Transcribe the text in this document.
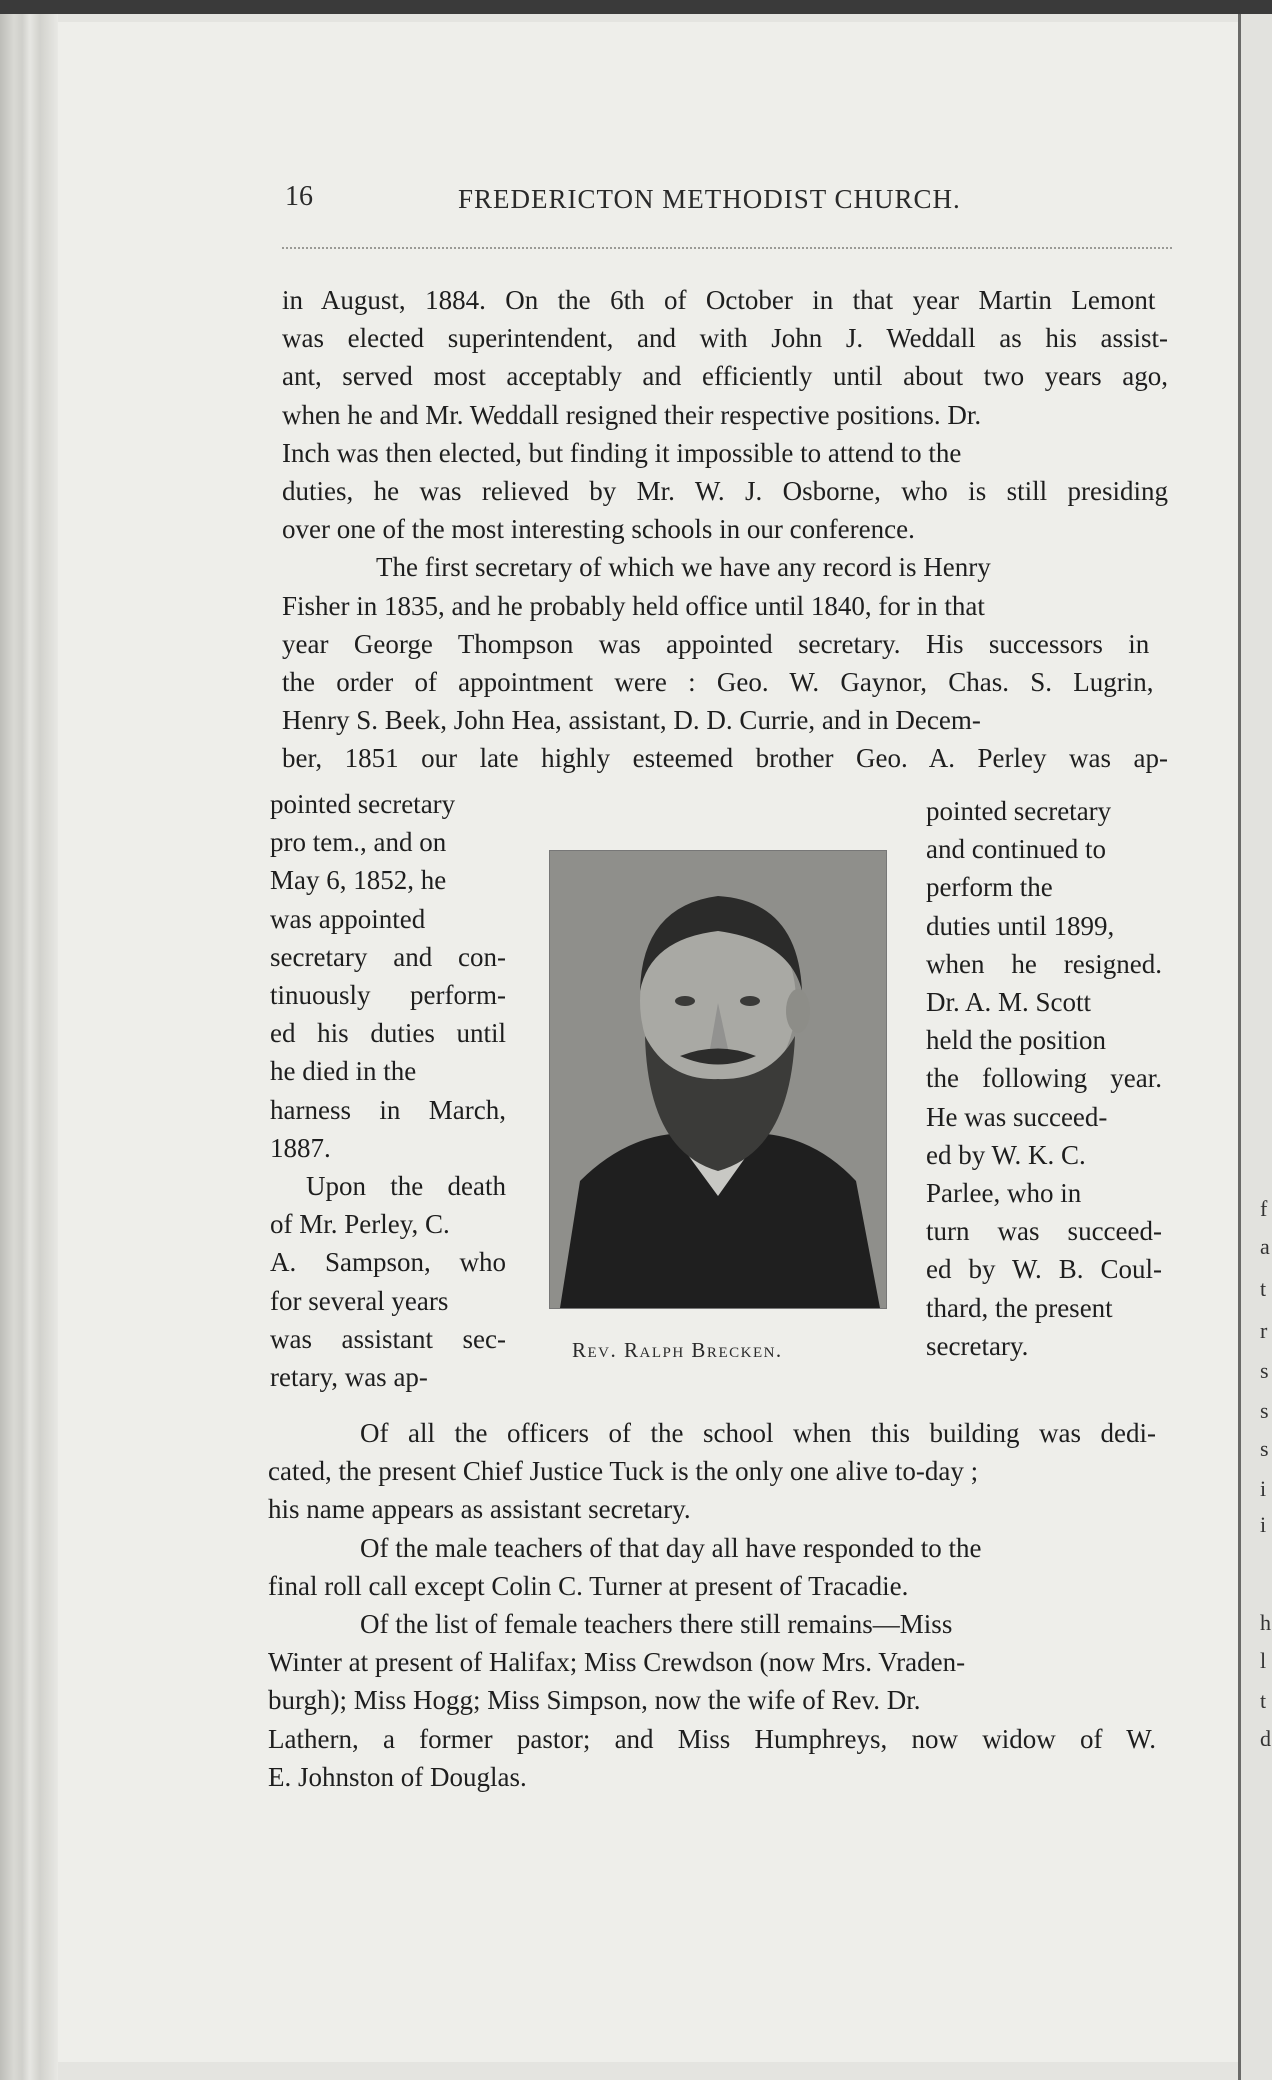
16	FREDERICTON METHODIST CHURCH.
in August, 1884. On the 6th of October in that year Martin Lemont
was elected superintendent, and with John J. Weddall as his assist-
ant, served most acceptably and efficiently until about two years ago,
when he and Mr. Weddall resigned their respective positions. Dr.
Inch was then elected, but finding it impossible to attend to the
duties, he was relieved by Mr. W. J. Osborne, who is still presiding
over one of the most interesting schools in our conference.
The first secretary of which we have any record is Henry
Fisher in 1835, and he probably held office until 1840, for in that
year George Thompson was appointed secretary. His successors in
the order of appointment were : Geo. W. Gaynor, Chas. S. Lugrin,
Henry S. Beek, John Hea, assistant, D. D. Currie, and in Decem-
ber, 1851 our late highly esteemed brother Geo. A. Perley was ap-
pointed secretary
pro tem., and on
May 6, 1852, he
was appointed
secretary and con-
tinuously perform-
ed his duties until
he died in the
harness in March,
1887.
Upon the death
of Mr. Perley, C.
A. Sampson, who
for several years
was assistant sec-
retary, was ap-
pointed secretary
and continued to
perform the
duties until 1899,
when he resigned.
Dr. A. M. Scott
held the position
the following year.
He was succeed-
ed by W. K. C.
Parlee, who in
turn was succeed-
ed by W. B. Coul-
thard, the present
secretary.
Of all the officers of the school when this building was dedi-
cated, the present Chief Justice Tuck is the only one alive to-day ;
his name appears as assistant secretary.
Of the male teachers of that day all have responded to the
final roll call except Colin C. Turner at present of Tracadie.
Of the list of female teachers there still remains—Miss
Winter at present of Halifax; Miss Crewdson (now Mrs. Vraden-
burgh); Miss Hogg; Miss Simpson, now the wife of Rev. Dr.
Lathern, a former pastor; and Miss Humphreys, now widow of W.
E. Johnston of Douglas.
Rev. Ralph Brecken.
f
a
t
r
s
s
s
i
i
h
l
t
d
